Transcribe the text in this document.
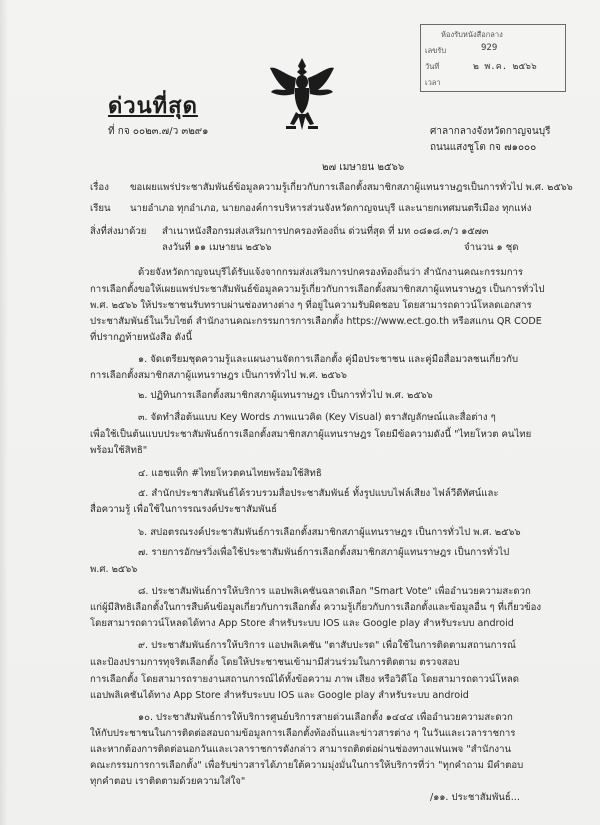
ห้องรับหนังสือกลาง
เลขรับ	929
วันที่	๒ พ.ค. ๒๕๖๖
เวลา
ด่วนที่สุด
ที่ กจ ๐๐๒๓.๗/ว ๓๒๙๑	ศาลากลางจังหวัดกาญจนบุรี
ถนนแสงชูโต กจ ๗๑๐๐๐
๒๗ เมษายน ๒๕๖๖
เรื่อง ขอเผยแพร่ประชาสัมพันธ์ข้อมูลความรู้เกี่ยวกับการเลือกตั้งสมาชิกสภาผู้แทนราษฎรเป็นการทั่วไป พ.ศ. ๒๕๖๖
เรียน นายอำเภอ ทุกอำเภอ, นายกองค์การบริหารส่วนจังหวัดกาญจนบุรี และนายกเทศมนตรีเมือง ทุกแห่ง
สิ่งที่ส่งมาด้วย สำเนาหนังสือกรมส่งเสริมการปกครองท้องถิ่น ด่วนที่สุด ที่ มท ๐๘๑๘.๓/ว ๑๕๗๓
ลงวันที่ ๑๑ เมษายน ๒๕๖๖	จำนวน ๑ ชุด
ด้วยจังหวัดกาญจนบุรีได้รับแจ้งจากกรมส่งเสริมการปกครองท้องถิ่นว่า สำนักงานคณะกรรมการ
การเลือกตั้งขอให้เผยแพร่ประชาสัมพันธ์ข้อมูลความรู้เกี่ยวกับการเลือกตั้งสมาชิกสภาผู้แทนราษฎร เป็นการทั่วไป
พ.ศ. ๒๕๖๖ ให้ประชาชนรับทราบผ่านช่องทางต่าง ๆ ที่อยู่ในความรับผิดชอบ โดยสามารถดาวน์โหลดเอกสาร
ประชาสัมพันธ์ในเว็บไซต์ สำนักงานคณะกรรมการการเลือกตั้ง https://www.ect.go.th หรือสแกน QR CODE
ที่ปรากฏท้ายหนังสือ ดังนี้
๑. จัดเตรียมชุดความรู้และแผนงานจัดการเลือกตั้ง คู่มือประชาชน และคู่มือสื่อมวลชนเกี่ยวกับ
การเลือกตั้งสมาชิกสภาผู้แทนราษฎร เป็นการทั่วไป พ.ศ. ๒๕๖๖
๒. ปฏิทินการเลือกตั้งสมาชิกสภาผู้แทนราษฎร เป็นการทั่วไป พ.ศ. ๒๕๖๖
๓. จัดทำสื่อต้นแบบ Key Words ภาพแนวคิด (Key Visual) ตราสัญลักษณ์และสื่อต่าง ๆ
เพื่อใช้เป็นต้นแบบประชาสัมพันธ์การเลือกตั้งสมาชิกสภาผู้แทนราษฎร โดยมีข้อความดังนี้ "ไทยโหวต คนไทย
พร้อมใช้สิทธิ"
๔. แฮชแท็ก #ไทยโหวตคนไทยพร้อมใช้สิทธิ
๕. สำนักประชาสัมพันธ์ได้รวบรวมสื่อประชาสัมพันธ์ ทั้งรูปแบบไฟล์เสียง ไฟล์วีดีทัศน์และ
สื่อความรู้ เพื่อใช้ในการรณรงค์ประชาสัมพันธ์
๖. สปอตรณรงค์ประชาสัมพันธ์การเลือกตั้งสมาชิกสภาผู้แทนราษฎร เป็นการทั่วไป พ.ศ. ๒๕๖๖
๗. รายการอักษรวิ่งเพื่อใช้ประชาสัมพันธ์การเลือกตั้งสมาชิกสภาผู้แทนราษฎร เป็นการทั่วไป
พ.ศ. ๒๕๖๖
๘. ประชาสัมพันธ์การให้บริการ แอปพลิเคชันฉลาดเลือก "Smart Vote" เพื่ออำนวยความสะดวก
แก่ผู้มีสิทธิเลือกตั้งในการสืบค้นข้อมูลเกี่ยวกับการเลือกตั้ง ความรู้เกี่ยวกับการเลือกตั้งและข้อมูลอื่น ๆ ที่เกี่ยวข้อง
โดยสามารถดาวน์โหลดได้ทาง App Store สำหรับระบบ IOS และ Google play สำหรับระบบ android
๙. ประชาสัมพันธ์การให้บริการ แอปพลิเคชัน "ตาสับปะรด" เพื่อใช้ในการติดตามสถานการณ์
และป้องปรามการทุจริตเลือกตั้ง โดยให้ประชาชนเข้ามามีส่วนร่วมในการติดตาม ตรวจสอบ
การเลือกตั้ง โดยสามารถรายงานสถานการณ์ได้ทั้งข้อความ ภาพ เสียง หรือวิดีโอ โดยสามารถดาวน์โหลด
แอปพลิเคชันได้ทาง App Store สำหรับระบบ IOS และ Google play สำหรับระบบ android
๑๐. ประชาสัมพันธ์การให้บริการศูนย์บริการสายด่วนเลือกตั้ง ๑๔๔๔ เพื่ออำนวยความสะดวก
ให้กับประชาชนในการติดต่อสอบถามข้อมูลการเลือกตั้งท้องถิ่นและข่าวสารต่าง ๆ ในวันและเวลาราชการ
และหากต้องการติดต่อนอกวันและเวลาราชการดังกล่าว สามารถติดต่อผ่านช่องทางแฟนเพจ "สำนักงาน
คณะกรรมการการเลือกตั้ง" เพื่อรับข่าวสารได้ภายใต้ความมุ่งมั่นในการให้บริการที่ว่า "ทุกคำถาม มีคำตอบ
ทุกคำตอบ เราติดตามด้วยความใส่ใจ"
/๑๑. ประชาสัมพันธ์...
